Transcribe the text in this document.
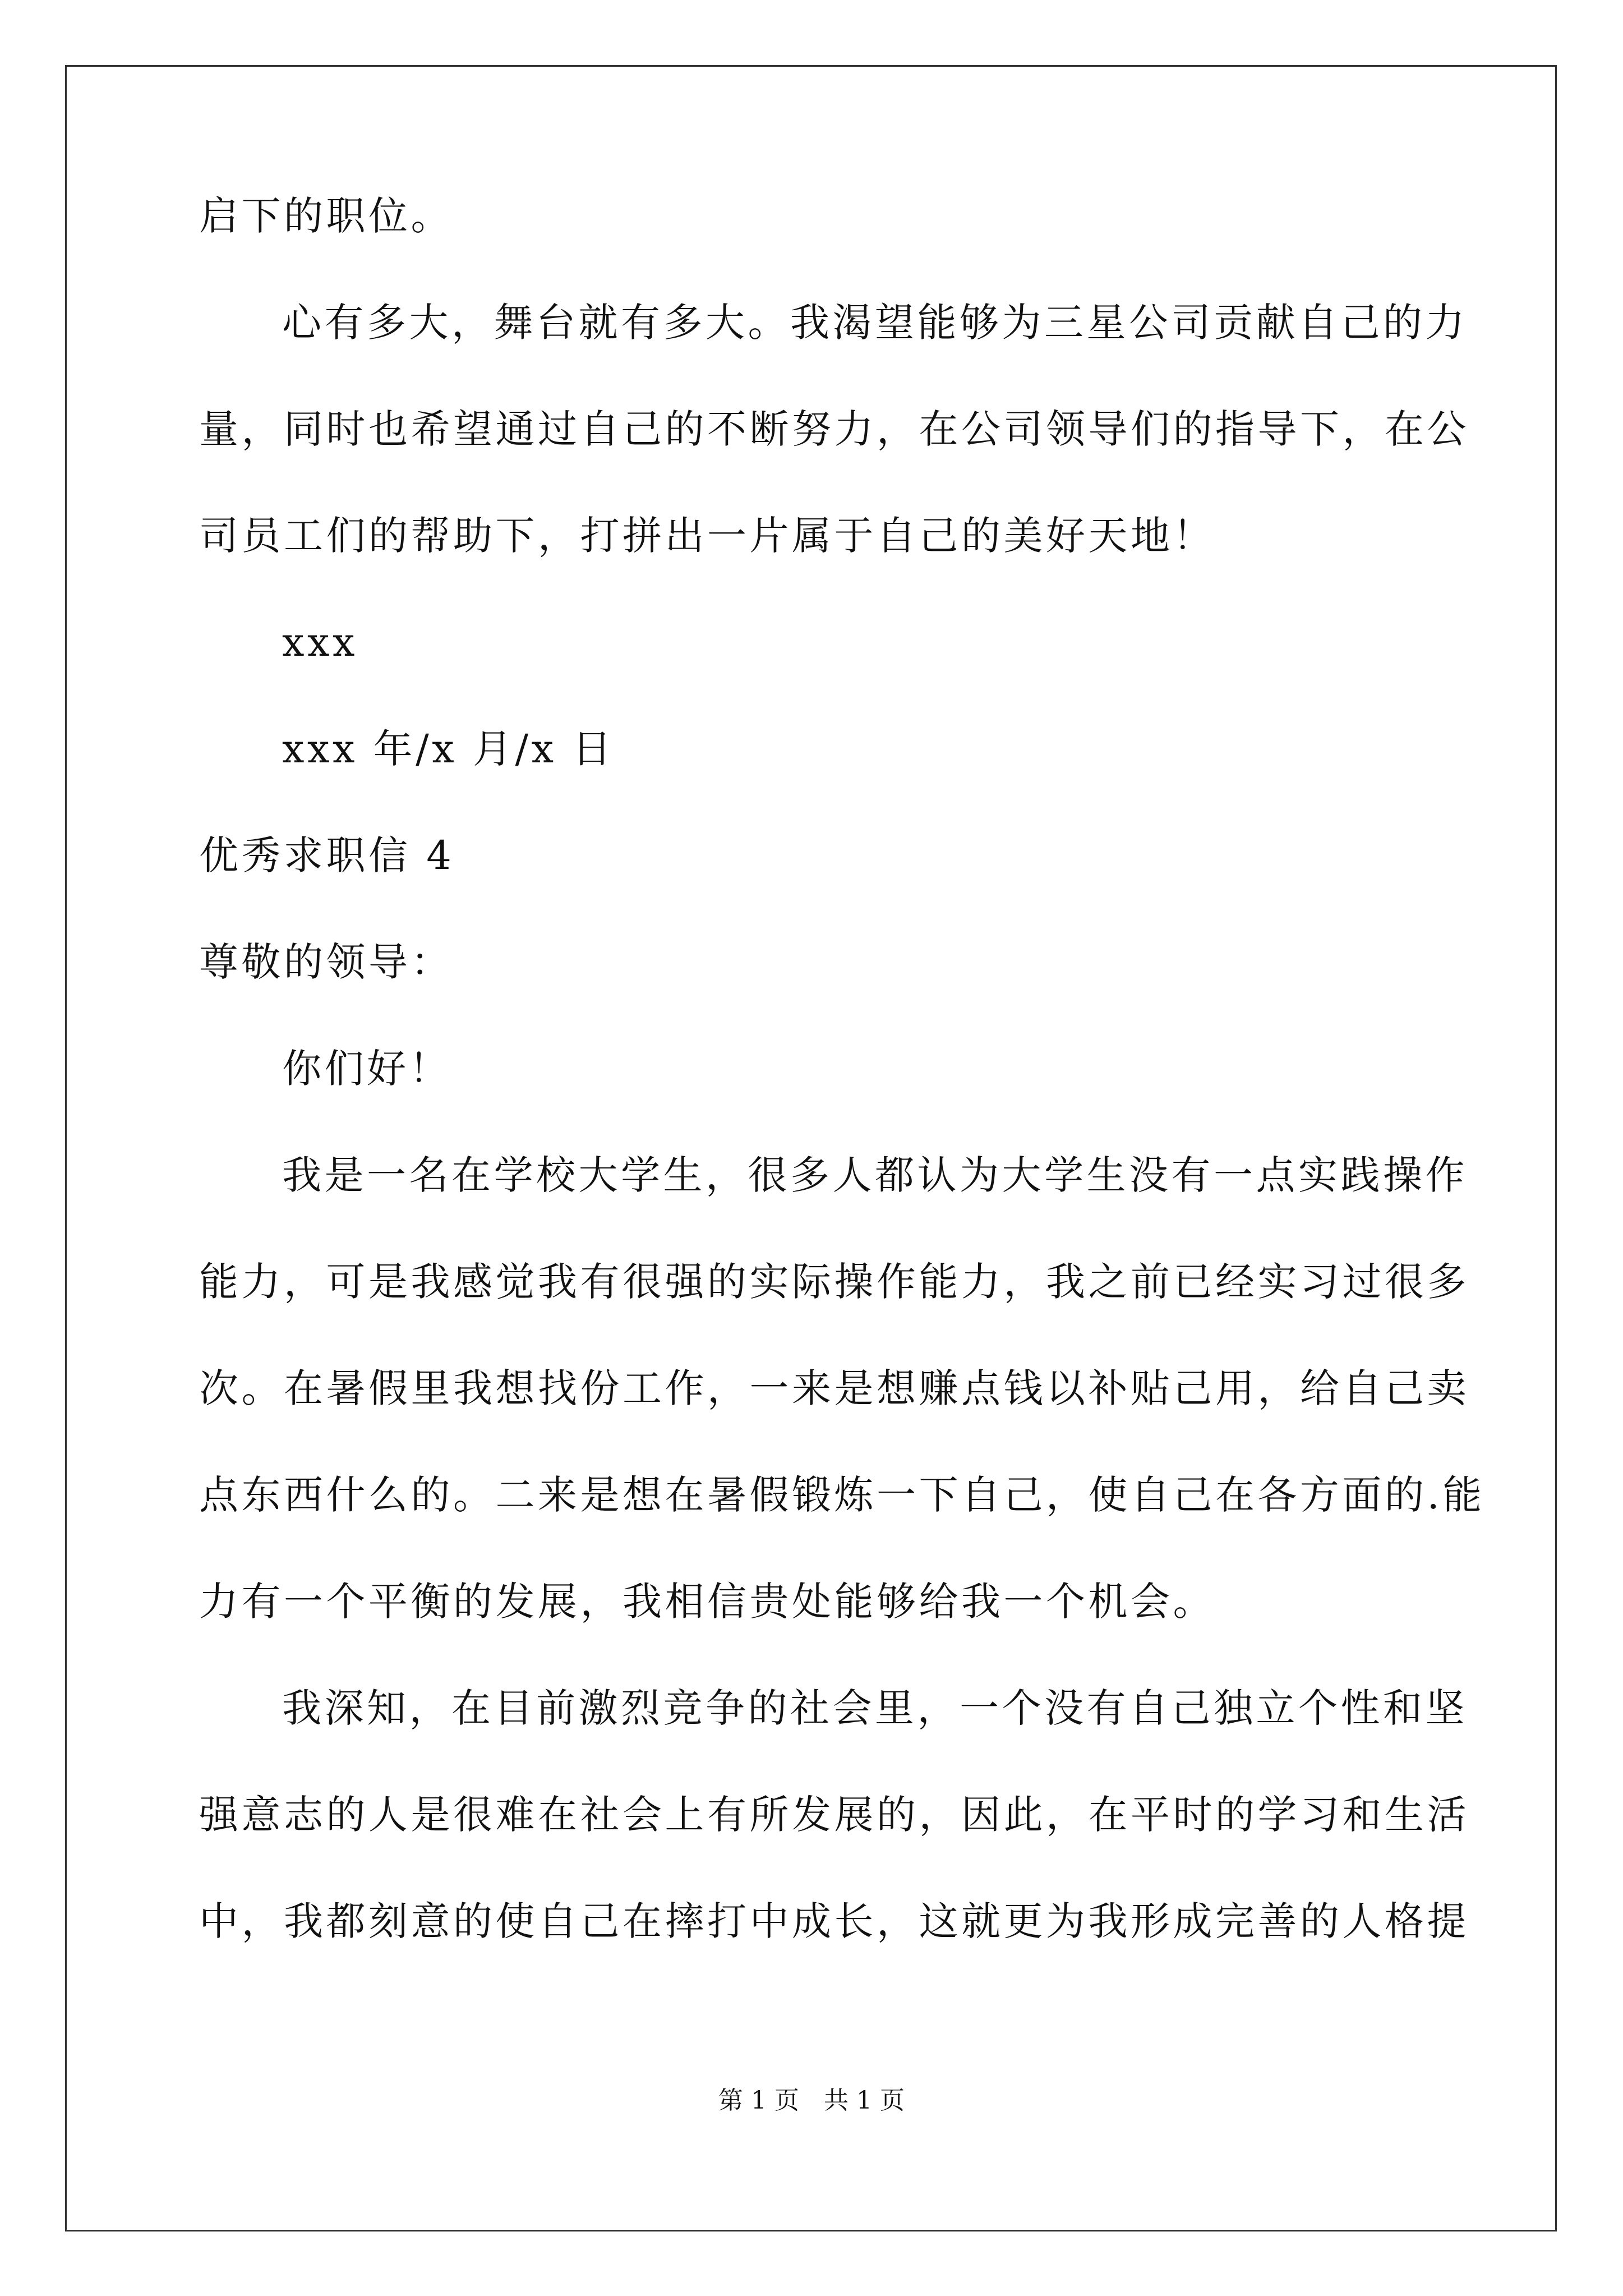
启下的职位。
心有多大，舞台就有多大。我渴望能够为三星公司贡献自己的力
量，同时也希望通过自己的不断努力，在公司领导们的指导下，在公
司员工们的帮助下，打拼出一片属于自己的美好天地！
xxx
xxx 年/x 月/x 日
优秀求职信 4
尊敬的领导：
你们好！
我是一名在学校大学生，很多人都认为大学生没有一点实践操作
能力，可是我感觉我有很强的实际操作能力，我之前已经实习过很多
次。在暑假里我想找份工作，一来是想赚点钱以补贴己用，给自己卖
点东西什么的。二来是想在暑假锻炼一下自己，使自己在各方面的.能
力有一个平衡的发展，我相信贵处能够给我一个机会。
我深知，在目前激烈竞争的社会里，一个没有自己独立个性和坚
强意志的人是很难在社会上有所发展的，因此，在平时的学习和生活
中，我都刻意的使自己在摔打中成长，这就更为我形成完善的人格提
第 1 页　共 1 页
